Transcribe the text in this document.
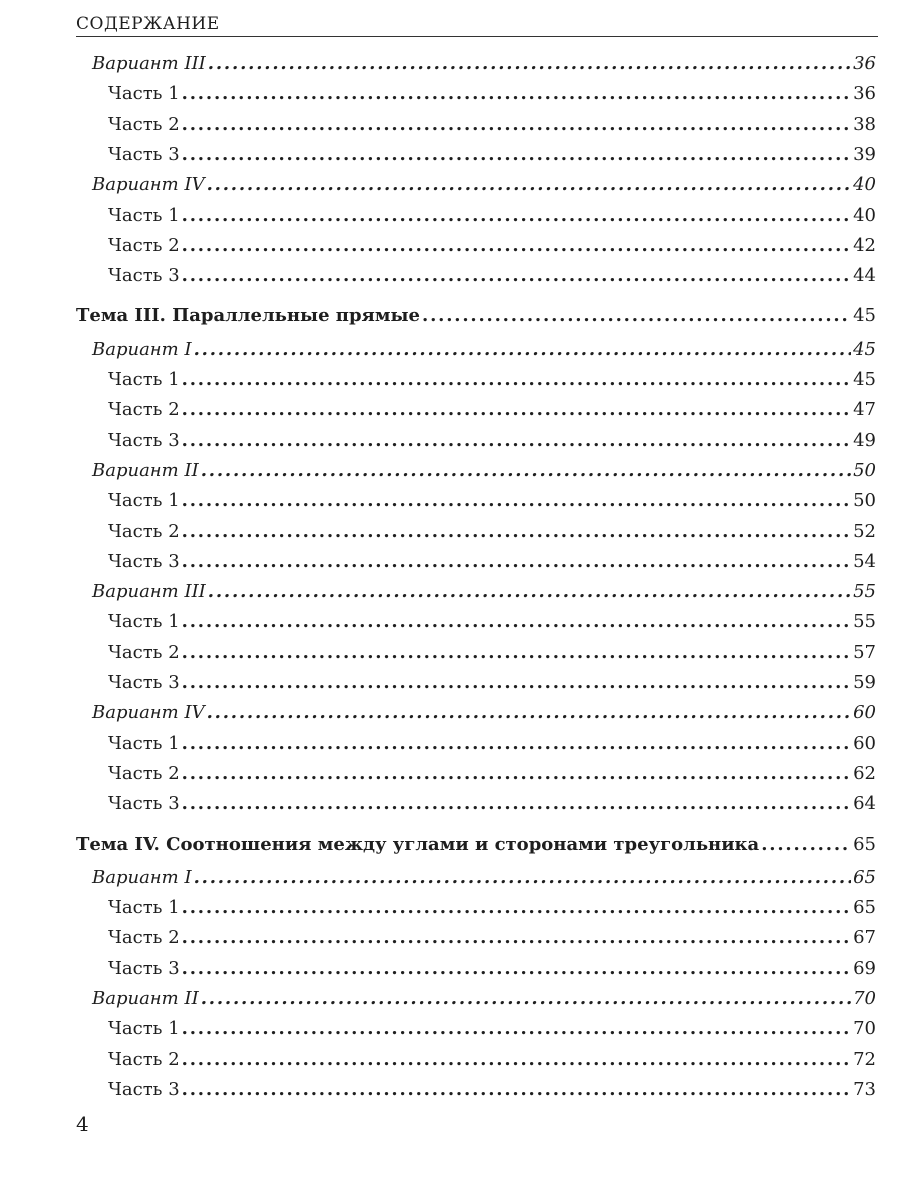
СОДЕРЖАНИЕ
Вариант III .....	36
Часть 1 .....	36
Часть 2 .....	38
Часть 3 .....	39
Вариант IV .....	40
Часть 1 .....	40
Часть 2 .....	42
Часть 3 .....	44
Тема III. Параллельные прямые .....	45
Вариант I .....	45
Часть 1 .....	45
Часть 2 .....	47
Часть 3 .....	49
Вариант II .....	50
Часть 1 .....	50
Часть 2 .....	52
Часть 3 .....	54
Вариант III .....	55
Часть 1 .....	55
Часть 2 .....	57
Часть 3 .....	59
Вариант IV .....	60
Часть 1 .....	60
Часть 2 .....	62
Часть 3 .....	64
Тема IV. Соотношения между углами и сторонами треугольника .....	65
Вариант I .....	65
Часть 1 .....	65
Часть 2 .....	67
Часть 3 .....	69
Вариант II .....	70
Часть 1 .....	70
Часть 2 .....	72
Часть 3 .....	73
4
